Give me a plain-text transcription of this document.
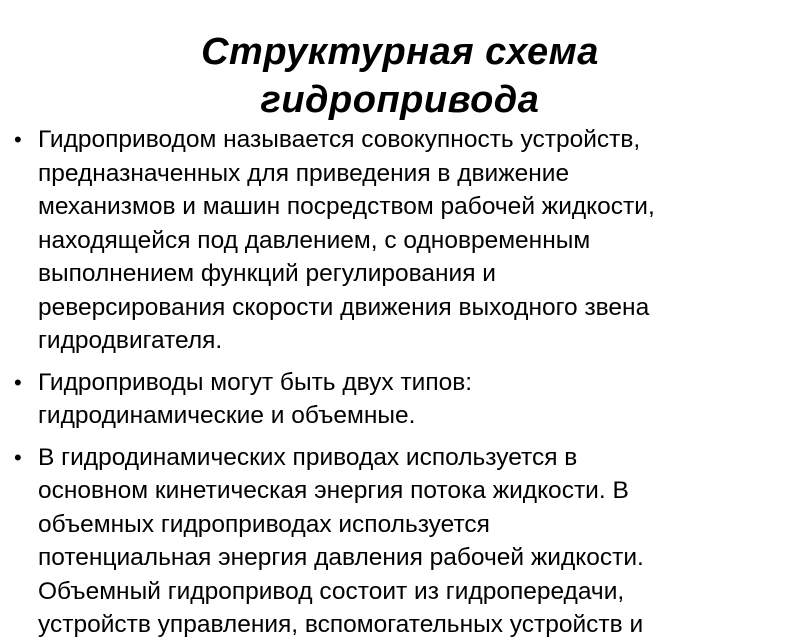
Структурная схема
гидропривода
• Гидроприводом называется совокупность устройств,
предназначенных для приведения в движение
механизмов и машин посредством рабочей жидкости,
находящейся под давлением, с одновременным
выполнением функций регулирования и
реверсирования скорости движения выходного звена
гидродвигателя.
• Гидроприводы могут быть двух типов:
гидродинамические и объемные.
• В гидродинамических приводах используется в
основном кинетическая энергия потока жидкости. В
объемных гидроприводах используется
потенциальная энергия давления рабочей жидкости.
Объемный гидропривод состоит из гидропередачи,
устройств управления, вспомогательных устройств и
